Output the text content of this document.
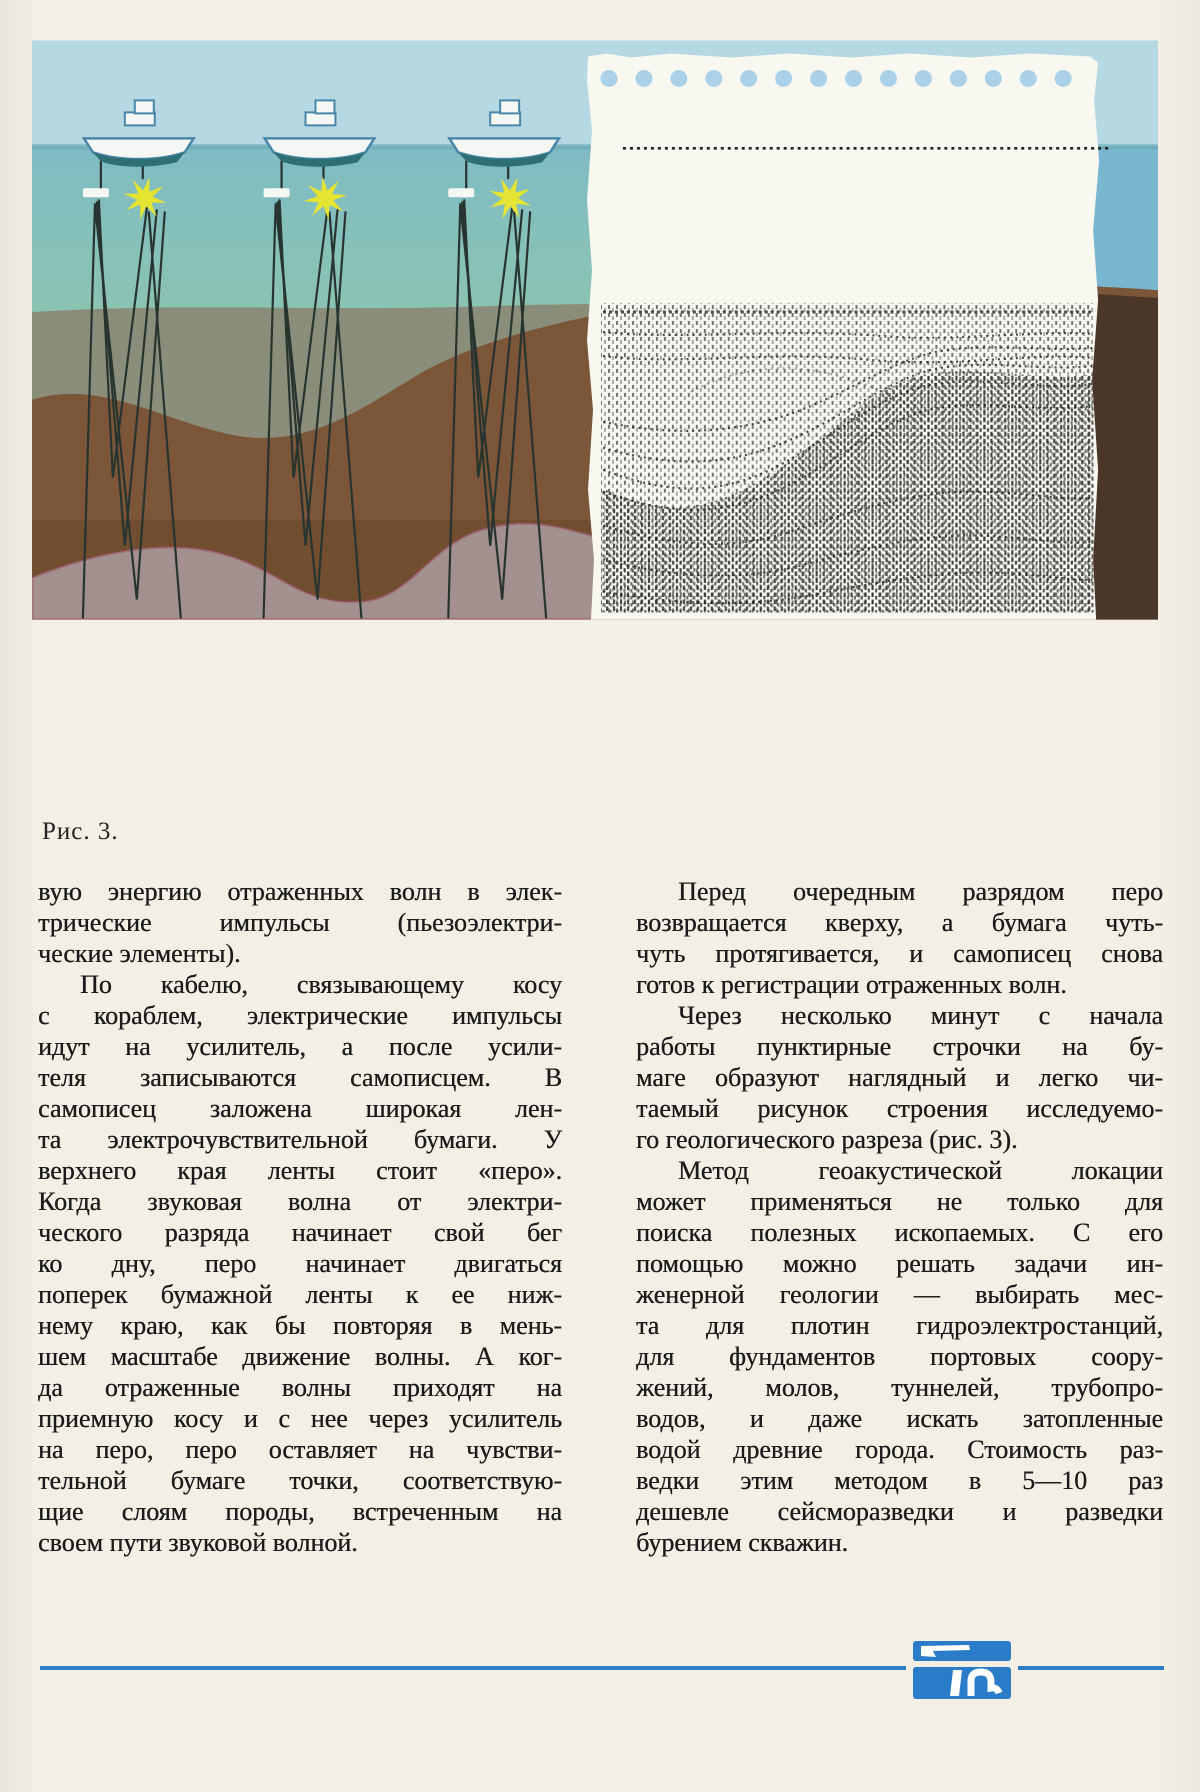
Рис. 3.
вую энергию отраженных волн в элек-
трические импульсы (пьезоэлектри-
ческие элементы).
По кабелю, связывающему косу
с кораблем, электрические импульсы
идут на усилитель, а после усили-
теля записываются самописцем. В
самописец заложена широкая лен-
та электрочувствительной бумаги. У
верхнего края ленты стоит «перо».
Когда звуковая волна от электри-
ческого разряда начинает свой бег
ко дну, перо начинает двигаться
поперек бумажной ленты к ее ниж-
нему краю, как бы повторяя в мень-
шем масштабе движение волны. А ког-
да отраженные волны приходят на
приемную косу и с нее через усилитель
на перо, перо оставляет на чувстви-
тельной бумаге точки, соответствую-
щие слоям породы, встреченным на
своем пути звуковой волной.
Перед очередным разрядом перо
возвращается кверху, а бумага чуть-
чуть протягивается, и самописец снова
готов к регистрации отраженных волн.
Через несколько минут с начала
работы пунктирные строчки на бу-
маге образуют наглядный и легко чи-
таемый рисунок строения исследуемо-
го геологического разреза (рис. 3).
Метод геоакустической локации
может применяться не только для
поиска полезных ископаемых. С его
помощью можно решать задачи ин-
женерной геологии — выбирать мес-
та для плотин гидроэлектростанций,
для фундаментов портовых соору-
жений, молов, туннелей, трубопро-
водов, и даже искать затопленные
водой древние города. Стоимость раз-
ведки этим методом в 5—10 раз
дешевле сейсморазведки и разведки
бурением скважин.
